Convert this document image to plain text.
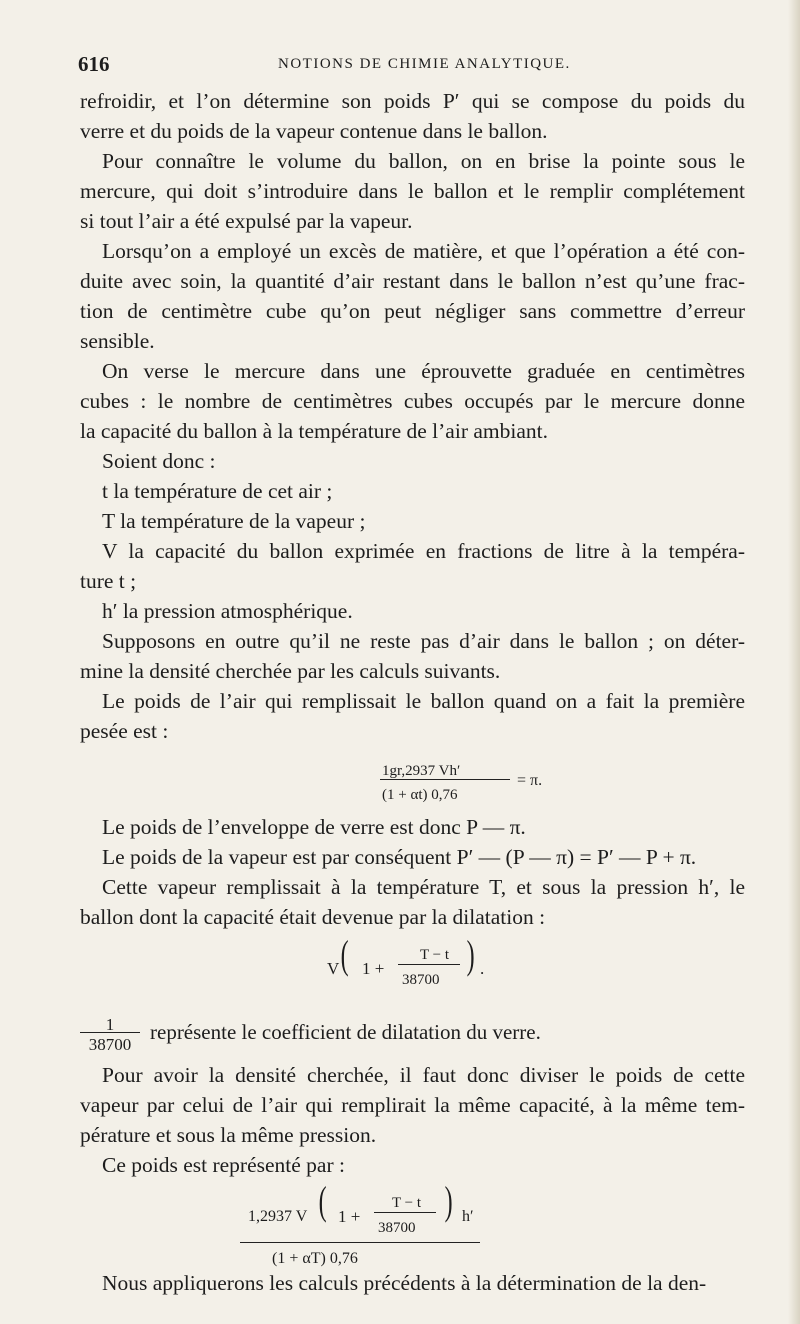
616	NOTIONS DE CHIMIE ANALYTIQUE.

refroidir, et l’on détermine son poids P′ qui se compose du poids du
verre et du poids de la vapeur contenue dans le ballon.

Pour connaître le volume du ballon, on en brise la pointe sous le
mercure, qui doit s’introduire dans le ballon et le remplir complétement
si tout l’air a été expulsé par la vapeur.

Lorsqu’on a employé un excès de matière, et que l’opération a été con-
duite avec soin, la quantité d’air restant dans le ballon n’est qu’une frac-
tion de centimètre cube qu’on peut négliger sans commettre d’erreur
sensible.

On verse le mercure dans une éprouvette graduée en centimètres
cubes : le nombre de centimètres cubes occupés par le mercure donne
la capacité du ballon à la température de l’air ambiant.

Soient donc :

t la température de cet air ;

T la température de la vapeur ;

V la capacité du ballon exprimée en fractions de litre à la tempéra-
ture t ;

h′ la pression atmosphérique.

Supposons en outre qu’il ne reste pas d’air dans le ballon ; on déter-
mine la densité cherchée par les calculs suivants.

Le poids de l’air qui remplissait le ballon quand on a fait la première
pesée est :

1gr,2937 Vh′
(1 + αt) 0,76
= π.

Le poids de l’enveloppe de verre est donc P — π.

Le poids de la vapeur est par conséquent P′ — (P — π) = P′ — P + π.

Cette vapeur remplissait à la température T, et sous la pression h′, le
ballon dont la capacité était devenue par la dilatation :

V ( 1 +
T − t
38700
) .
1
38700
représente le coefficient de dilatation du verre.

Pour avoir la densité cherchée, il faut donc diviser le poids de cette
vapeur par celui de l’air qui remplirait la même capacité, à la même tem-
pérature et sous la même pression.

Ce poids est représenté par :

1,2937 V ( 1 +
T − t
38700
) h′
(1 + αT) 0,76

Nous appliquerons les calculs précédents à la détermination de la den-
